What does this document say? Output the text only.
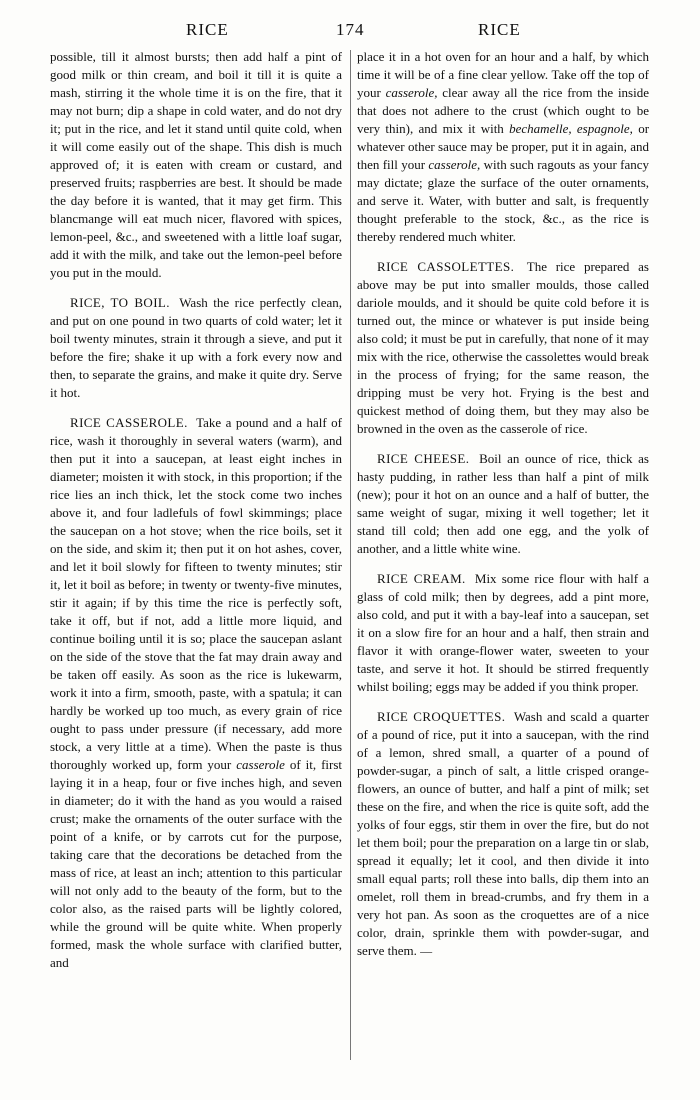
RICE	174	RICE

possible, till it almost bursts; then add half a pint of good milk or thin cream, and boil it till it is quite a mash, stirring it the whole time it is on the fire, that it may not burn; dip a shape in cold water, and do not dry it; put in the rice, and let it stand until quite cold, when it will come easily out of the shape. This dish is much approved of; it is eaten with cream or custard, and preserved fruits; raspberries are best. It should be made the day before it is wanted, that it may get firm. This blancmange will eat much nicer, flavored with spices, lemon-peel, &c., and sweetened with a little loaf sugar, add it with the milk, and take out the lemon-peel before you put in the mould.

RICE, TO BOIL. Wash the rice perfectly clean, and put on one pound in two quarts of cold water; let it boil twenty minutes, strain it through a sieve, and put it before the fire; shake it up with a fork every now and then, to separate the grains, and make it quite dry. Serve it hot.

RICE CASSEROLE. Take a pound and a half of rice, wash it thoroughly in several waters (warm), and then put it into a saucepan, at least eight inches in diameter; moisten it with stock, in this proportion; if the rice lies an inch thick, let the stock come two inches above it, and four ladlefuls of fowl skimmings; place the saucepan on a hot stove; when the rice boils, set it on the side, and skim it; then put it on hot ashes, cover, and let it boil slowly for fifteen to twenty minutes; stir it, let it boil as before; in twenty or twenty-five minutes, stir it again; if by this time the rice is perfectly soft, take it off, but if not, add a little more liquid, and continue boiling until it is so; place the saucepan aslant on the side of the stove that the fat may drain away and be taken off easily. As soon as the rice is lukewarm, work it into a firm, smooth, paste, with a spatula; it can hardly be worked up too much, as every grain of rice ought to pass under pressure (if necessary, add more stock, a very little at a time). When the paste is thus thoroughly worked up, form your casserole of it, first laying it in a heap, four or five inches high, and seven in diameter; do it with the hand as you would a raised crust; make the ornaments of the outer surface with the point of a knife, or by carrots cut for the purpose, taking care that the decorations be detached from the mass of rice, at least an inch; attention to this particular will not only add to the beauty of the form, but to the color also, as the raised parts will be lightly colored, while the ground will be quite white. When properly formed, mask the whole surface with clarified butter, and

place it in a hot oven for an hour and a half, by which time it will be of a fine clear yellow. Take off the top of your casserole, clear away all the rice from the inside that does not adhere to the crust (which ought to be very thin), and mix it with bechamelle, espagnole, or whatever other sauce may be proper, put it in again, and then fill your casserole, with such ragouts as your fancy may dictate; glaze the surface of the outer ornaments, and serve it. Water, with butter and salt, is frequently thought preferable to the stock, &c., as the rice is thereby rendered much whiter.

RICE CASSOLETTES. The rice prepared as above may be put into smaller moulds, those called dariole moulds, and it should be quite cold before it is turned out, the mince or whatever is put inside being also cold; it must be put in carefully, that none of it may mix with the rice, otherwise the cassolettes would break in the process of frying; for the same reason, the dripping must be very hot. Frying is the best and quickest method of doing them, but they may also be browned in the oven as the casserole of rice.

RICE CHEESE. Boil an ounce of rice, thick as hasty pudding, in rather less than half a pint of milk (new); pour it hot on an ounce and a half of butter, the same weight of sugar, mixing it well together; let it stand till cold; then add one egg, and the yolk of another, and a little white wine.

RICE CREAM. Mix some rice flour with half a glass of cold milk; then by degrees, add a pint more, also cold, and put it with a bay-leaf into a saucepan, set it on a slow fire for an hour and a half, then strain and flavor it with orange-flower water, sweeten to your taste, and serve it hot. It should be stirred frequently whilst boiling; eggs may be added if you think proper.

RICE CROQUETTES. Wash and scald a quarter of a pound of rice, put it into a saucepan, with the rind of a lemon, shred small, a quarter of a pound of powder-sugar, a pinch of salt, a little crisped orange-flowers, an ounce of butter, and half a pint of milk; set these on the fire, and when the rice is quite soft, add the yolks of four eggs, stir them in over the fire, but do not let them boil; pour the preparation on a large tin or slab, spread it equally; let it cool, and then divide it into small equal parts; roll these into balls, dip them into an omelet, roll them in bread-crumbs, and fry them in a very hot pan. As soon as the croquettes are of a nice color, drain, sprinkle them with powder-sugar, and serve them. —
